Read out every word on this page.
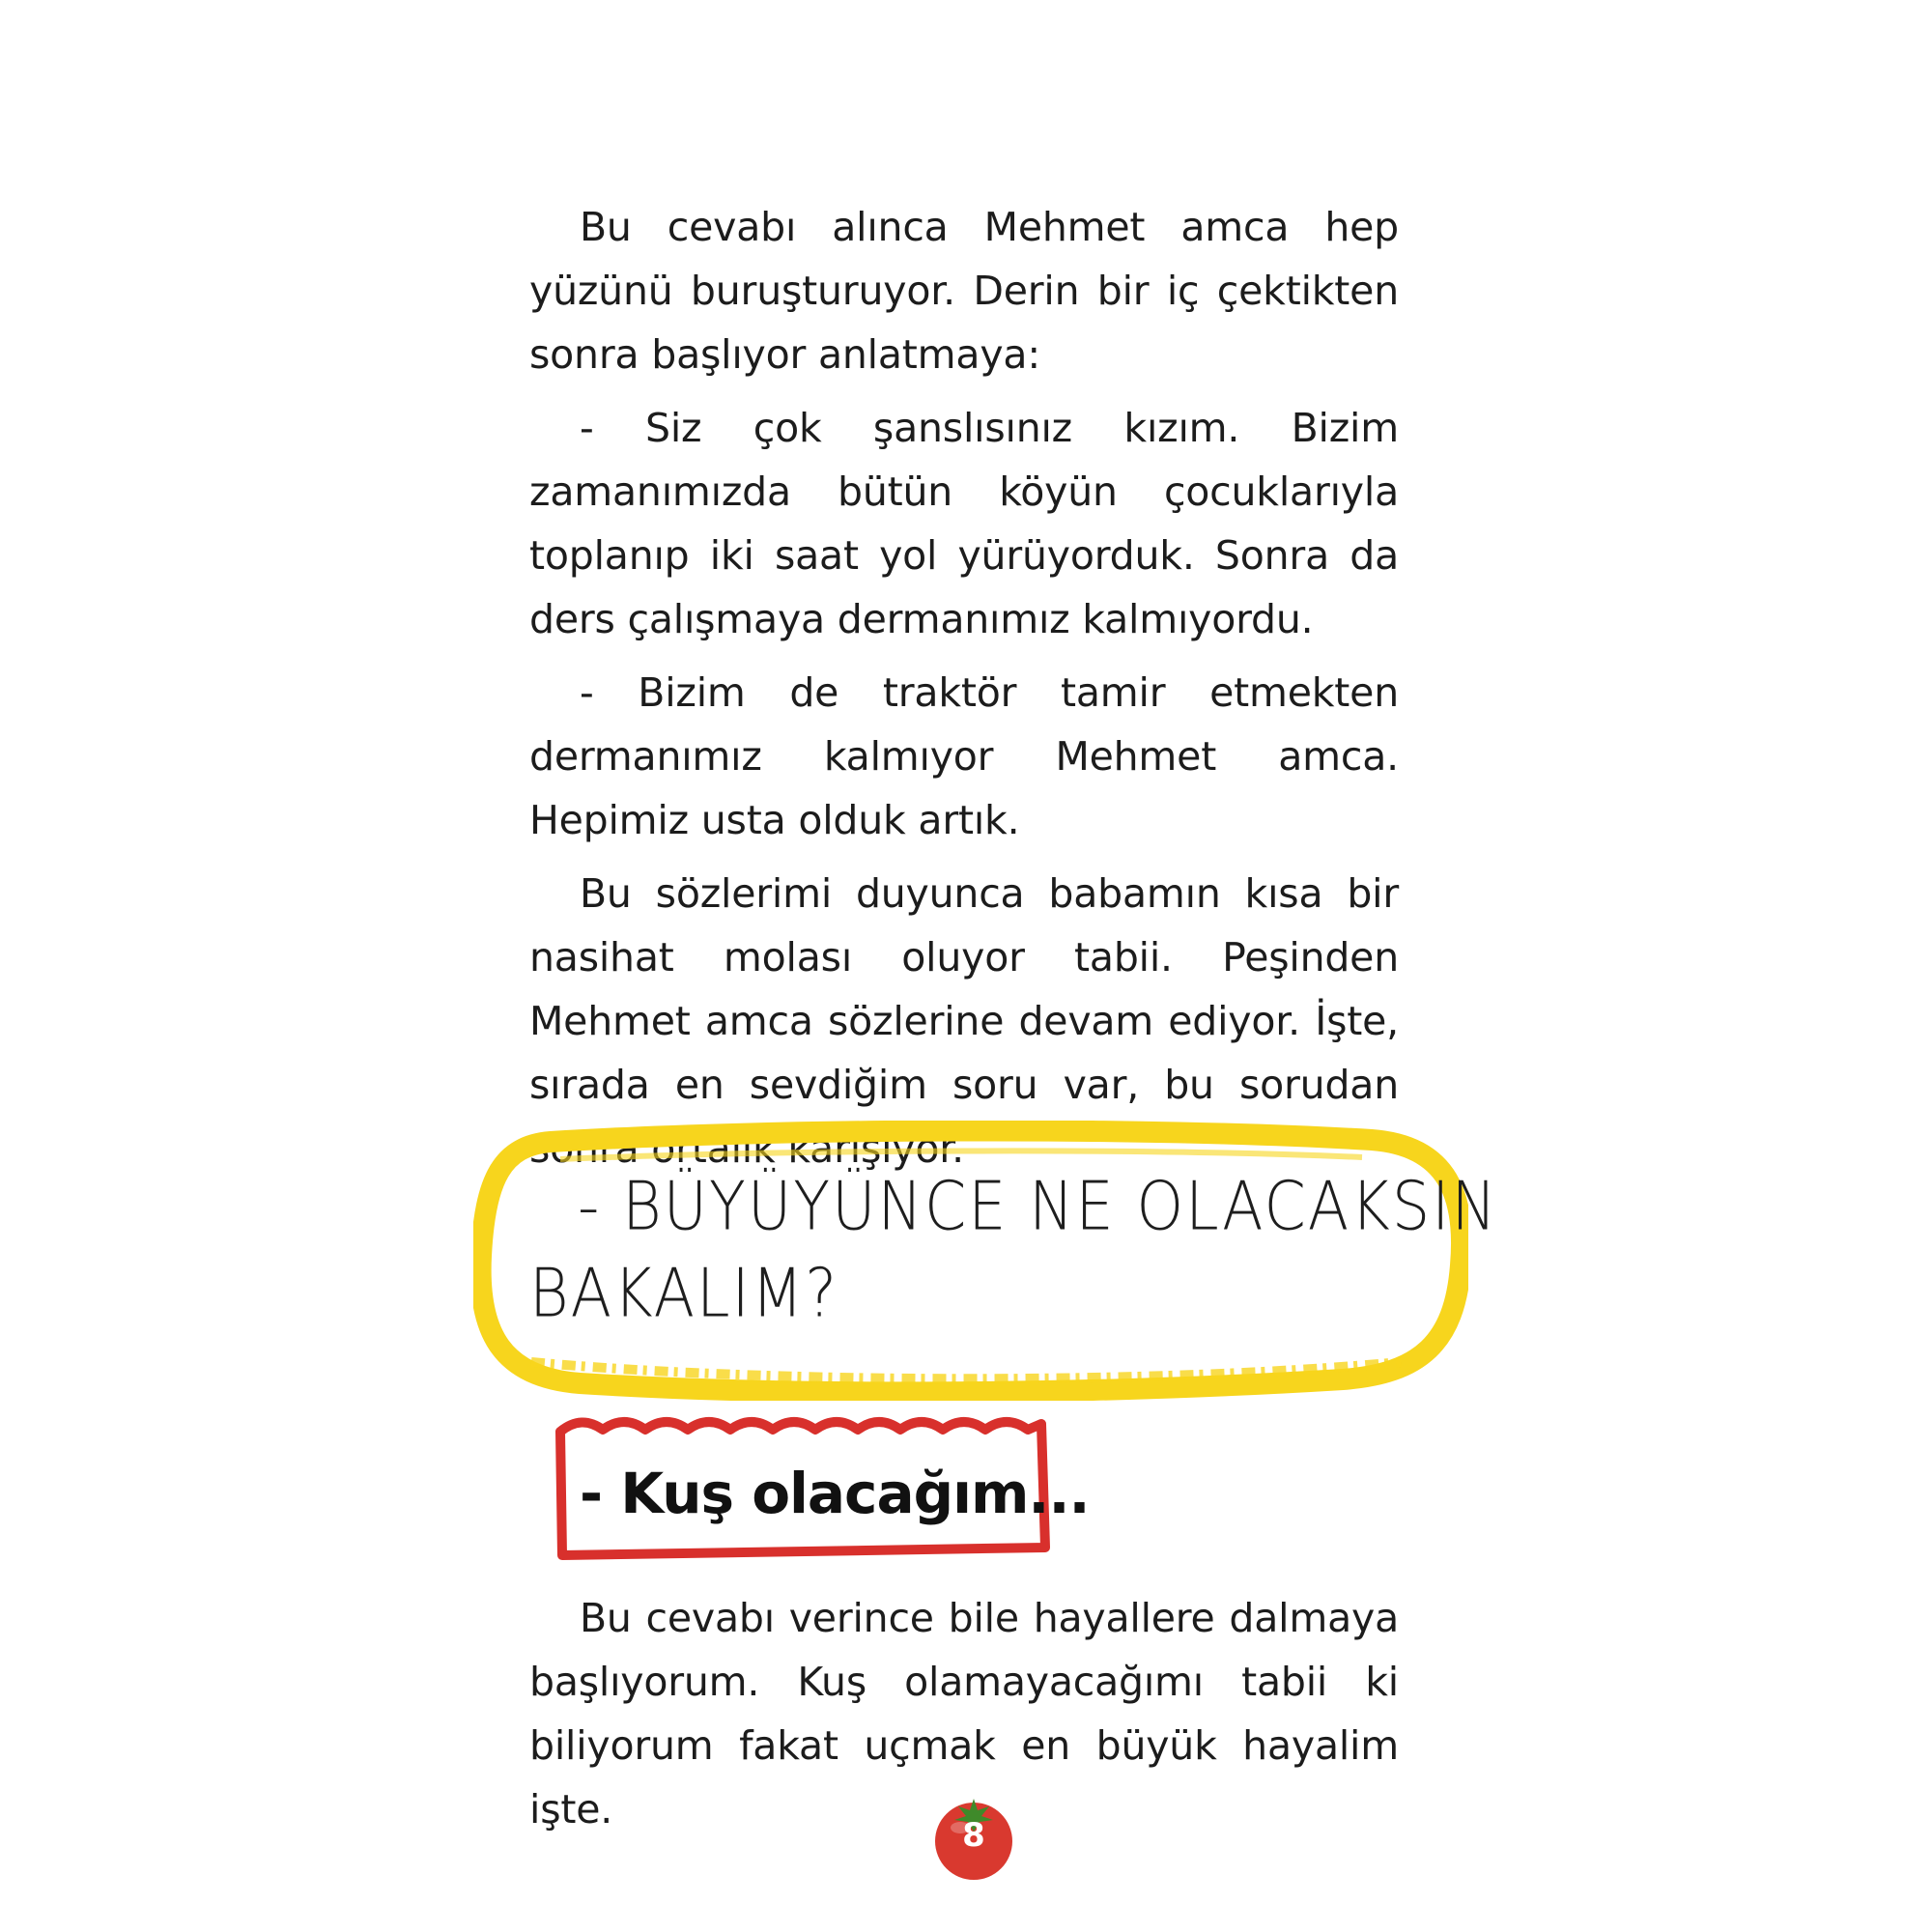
Bu cevabı alınca Mehmet amca hep yüzünü buruşturuyor. Derin bir iç çektikten sonra başlıyor anlatmaya:

- Siz çok şanslısınız kızım. Bizim zamanımızda bütün köyün çocuklarıyla toplanıp iki saat yol yürüyorduk. Sonra da ders çalışmaya dermanımız kalmıyordu.

- Bizim de traktör tamir etmekten dermanımız kalmıyor Mehmet amca. Hepimiz usta olduk artık.

Bu sözlerimi duyunca babamın kısa bir nasihat molası oluyor tabii. Peşinden Mehmet amca sözlerine devam ediyor. İşte, sırada en sevdiğim soru var, bu sorudan sonra ortalık karışıyor.

- BÜYÜYÜNCE NE OLACAKSIN
BAKALIM?
- Kuş olacağım...

Bu cevabı verince bile hayallere dalmaya başlıyorum. Kuş olamayacağımı tabii ki biliyorum fakat uçmak en büyük hayalim işte.

8
